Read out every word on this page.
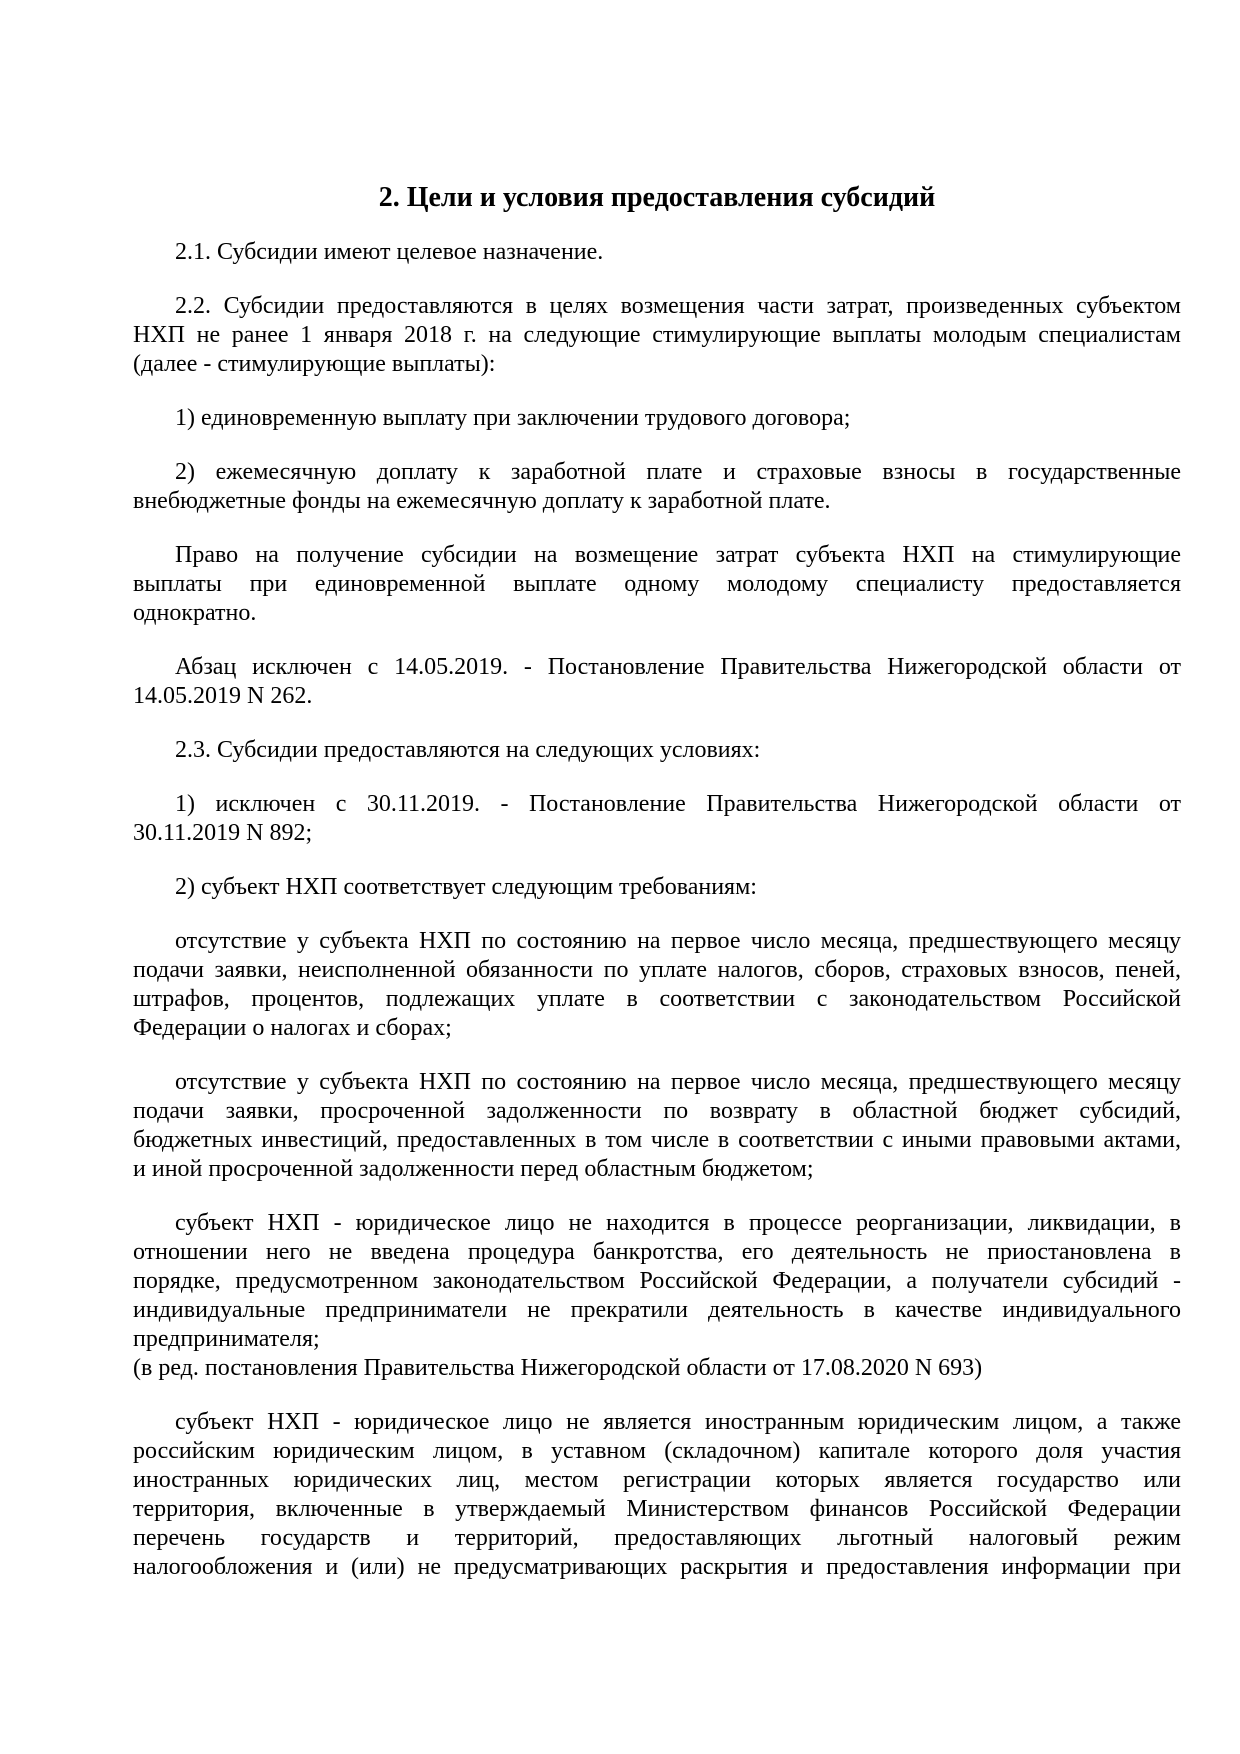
2. Цели и условия предоставления субсидий
2.1. Субсидии имеют целевое назначение.
2.2. Субсидии предоставляются в целях возмещения части затрат, произведенных субъектом
НХП не ранее 1 января 2018 г. на следующие стимулирующие выплаты молодым специалистам
(далее - стимулирующие выплаты):
1) единовременную выплату при заключении трудового договора;
2) ежемесячную доплату к заработной плате и страховые взносы в государственные
внебюджетные фонды на ежемесячную доплату к заработной плате.
Право на получение субсидии на возмещение затрат субъекта НХП на стимулирующие
выплаты при единовременной выплате одному молодому специалисту предоставляется
однократно.
Абзац исключен с 14.05.2019. - Постановление Правительства Нижегородской области от
14.05.2019 N 262.
2.3. Субсидии предоставляются на следующих условиях:
1) исключен с 30.11.2019. - Постановление Правительства Нижегородской области от
30.11.2019 N 892;
2) субъект НХП соответствует следующим требованиям:
отсутствие у субъекта НХП по состоянию на первое число месяца, предшествующего месяцу
подачи заявки, неисполненной обязанности по уплате налогов, сборов, страховых взносов, пеней,
штрафов, процентов, подлежащих уплате в соответствии с законодательством Российской
Федерации о налогах и сборах;
отсутствие у субъекта НХП по состоянию на первое число месяца, предшествующего месяцу
подачи заявки, просроченной задолженности по возврату в областной бюджет субсидий,
бюджетных инвестиций, предоставленных в том числе в соответствии с иными правовыми актами,
и иной просроченной задолженности перед областным бюджетом;
субъект НХП - юридическое лицо не находится в процессе реорганизации, ликвидации, в
отношении него не введена процедура банкротства, его деятельность не приостановлена в
порядке, предусмотренном законодательством Российской Федерации, а получатели субсидий -
индивидуальные предприниматели не прекратили деятельность в качестве индивидуального
предпринимателя;
(в ред. постановления Правительства Нижегородской области от 17.08.2020 N 693)
субъект НХП - юридическое лицо не является иностранным юридическим лицом, а также
российским юридическим лицом, в уставном (складочном) капитале которого доля участия
иностранных юридических лиц, местом регистрации которых является государство или
территория, включенные в утверждаемый Министерством финансов Российской Федерации
перечень государств и территорий, предоставляющих льготный налоговый режим
налогообложения и (или) не предусматривающих раскрытия и предоставления информации при
